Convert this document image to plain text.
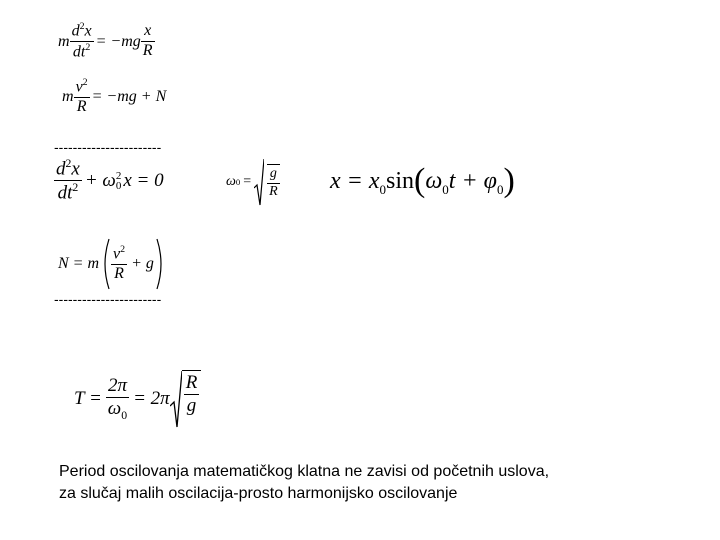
m $\frac{d^2x}{dt^2} = -mg \frac{x}{R}$
m $\frac{v^2}{R} = -mg + N$
-----------------------
$\frac{d^2x}{dt^2} + \omega$ 2
0 x = 0	ω $0 = \frac{g}{R}$ $x = x_0$ sin ( $\omega_0$ $t + \varphi_0$ )
N = m $\frac{v^2}{R} + g$
-----------------------
$T = \frac{2\pi}{\omega_0} = 2\pi \frac{R}{g}$
Period oscilovanja matematičkog klatna ne zavisi od početnih uslova,
za slučaj malih oscilacija-prosto harmonijsko oscilovanje
